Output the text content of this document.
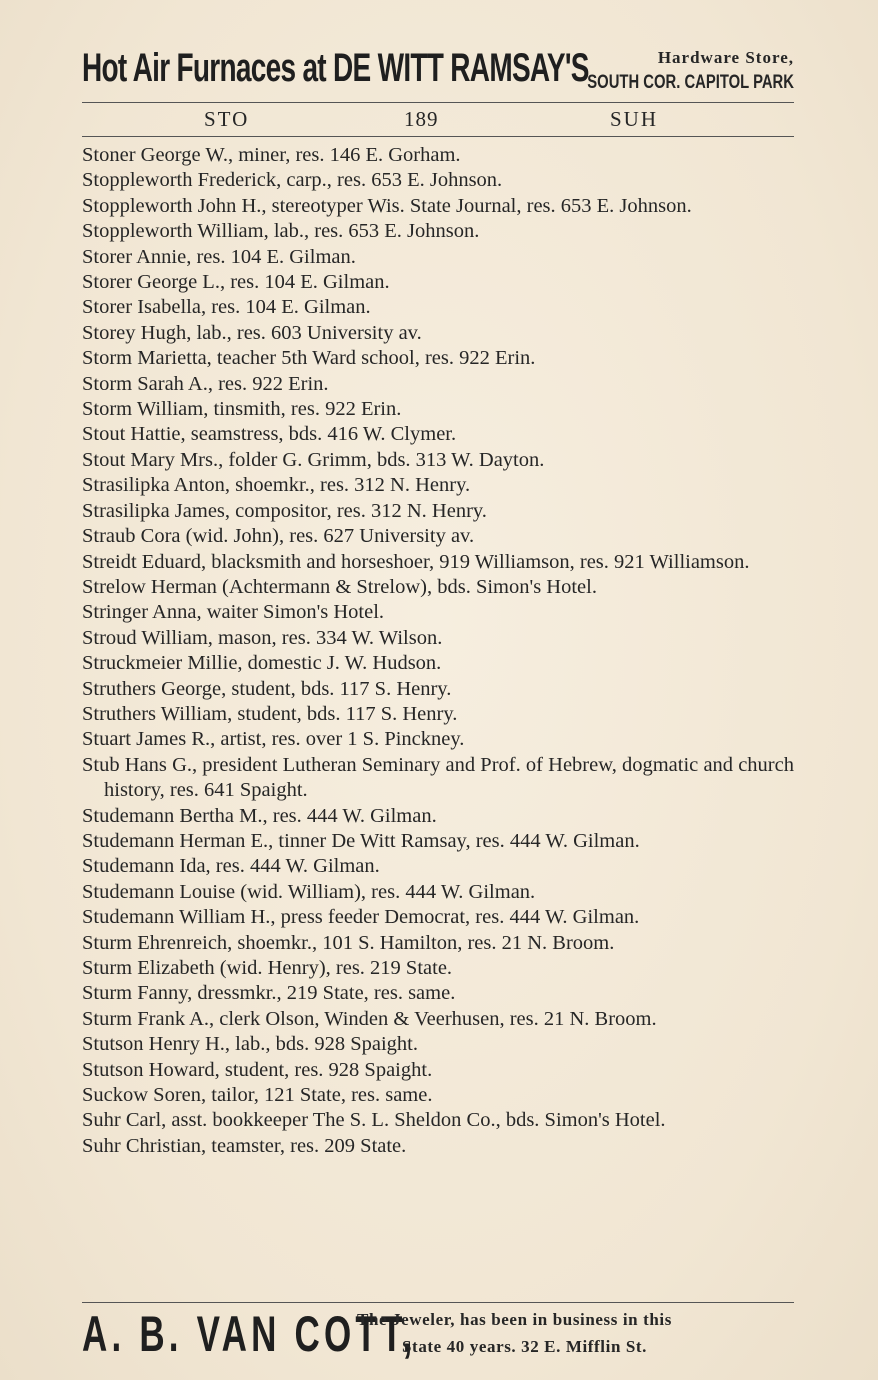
Hot Air Furnaces at DE WITT RAMSAY'S	Hardware Store,
SOUTH COR. CAPITOL PARK
STO	189	SUH
Stoner George W., miner, res. 146 E. Gorham.
Stoppleworth Frederick, carp., res. 653 E. Johnson.
Stoppleworth John H., stereotyper Wis. State Journal, res. 653 E. Johnson.
Stoppleworth William, lab., res. 653 E. Johnson.
Storer Annie, res. 104 E. Gilman.
Storer George L., res. 104 E. Gilman.
Storer Isabella, res. 104 E. Gilman.
Storey Hugh, lab., res. 603 University av.
Storm Marietta, teacher 5th Ward school, res. 922 Erin.
Storm Sarah A., res. 922 Erin.
Storm William, tinsmith, res. 922 Erin.
Stout Hattie, seamstress, bds. 416 W. Clymer.
Stout Mary Mrs., folder G. Grimm, bds. 313 W. Dayton.
Strasilipka Anton, shoemkr., res. 312 N. Henry.
Strasilipka James, compositor, res. 312 N. Henry.
Straub Cora (wid. John), res. 627 University av.
Streidt Eduard, blacksmith and horseshoer, 919 Williamson, res. 921 Williamson.
Strelow Herman (Achtermann & Strelow), bds. Simon's Hotel.
Stringer Anna, waiter Simon's Hotel.
Stroud William, mason, res. 334 W. Wilson.
Struckmeier Millie, domestic J. W. Hudson.
Struthers George, student, bds. 117 S. Henry.
Struthers William, student, bds. 117 S. Henry.
Stuart James R., artist, res. over 1 S. Pinckney.
Stub Hans G., president Lutheran Seminary and Prof. of Hebrew, dogmatic and church history, res. 641 Spaight.
Studemann Bertha M., res. 444 W. Gilman.
Studemann Herman E., tinner De Witt Ramsay, res. 444 W. Gilman.
Studemann Ida, res. 444 W. Gilman.
Studemann Louise (wid. William), res. 444 W. Gilman.
Studemann William H., press feeder Democrat, res. 444 W. Gilman.
Sturm Ehrenreich, shoemkr., 101 S. Hamilton, res. 21 N. Broom.
Sturm Elizabeth (wid. Henry), res. 219 State.
Sturm Fanny, dressmkr., 219 State, res. same.
Sturm Frank A., clerk Olson, Winden & Veerhusen, res. 21 N. Broom.
Stutson Henry H., lab., bds. 928 Spaight.
Stutson Howard, student, res. 928 Spaight.
Suckow Soren, tailor, 121 State, res. same.
Suhr Carl, asst. bookkeeper The S. L. Sheldon Co., bds. Simon's Hotel.
Suhr Christian, teamster, res. 209 State.
A. B. VAN COTT,
The Jeweler, has been in business in this
State 40 years. 32 E. Mifflin St.
